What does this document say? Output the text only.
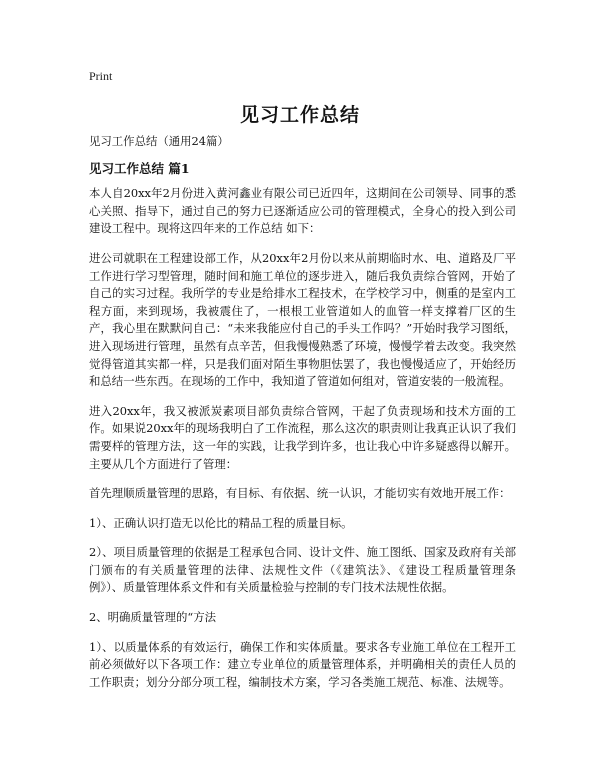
Print
见习工作总结

见习工作总结（通用24篇）

见习工作总结 篇1

本人自20xx年2月份进入黄河鑫业有限公司已近四年，这期间在公司领导、同事的悉心关照、指导下，通过自己的努力已逐渐适应公司的管理模式，全身心的投入到公司建设工程中。现将这四年来的工作总结 如下：

进公司就职在工程建设部工作，从20xx年2月份以来从前期临时水、电、道路及厂平工作进行学习型管理，随时间和施工单位的逐步进入，随后我负责综合管网，开始了自己的实习过程。我所学的专业是给排水工程技术，在学校学习中，侧重的是室内工程方面，来到现场，我被震住了，一根根工业管道如人的血管一样支撑着厂区的生产，我心里在默默问自己：“未来我能应付自己的手头工作吗？”开始时我学习图纸，进入现场进行管理，虽然有点辛苦，但我慢慢熟悉了环境，慢慢学着去改变。我突然觉得管道其实都一样，只是我们面对陌生事物胆怯罢了，我也慢慢适应了，开始经历和总结一些东西。在现场的工作中，我知道了管道如何组对，管道安装的一般流程。

进入20xx年，我又被派炭素项目部负责综合管网，干起了负责现场和技术方面的工作。如果说20xx年的现场我明白了工作流程，那么这次的职责则让我真正认识了我们需要样的管理方法，这一年的实践，让我学到许多，也让我心中许多疑惑得以解开。主要从几个方面进行了管理：

首先理顺质量管理的思路，有目标、有依据、统一认识，才能切实有效地开展工作：

1）、正确认识打造无以伦比的精品工程的质量目标。

2）、项目质量管理的依据是工程承包合同、设计文件、施工图纸、国家及政府有关部门颁布的有关质量管理的法律、法规性文件（《建筑法》、《建设工程质量管理条例》）、质量管理体系文件和有关质量检验与控制的专门技术法规性依据。

2、明确质量管理的“方法

1）、以质量体系的有效运行，确保工作和实体质量。要求各专业施工单位在工程开工前必须做好以下各项工作：建立专业单位的质量管理体系，并明确相关的责任人员的工作职责；划分分部分项工程，编制技术方案，学习各类施工规范、标准、法规等。
